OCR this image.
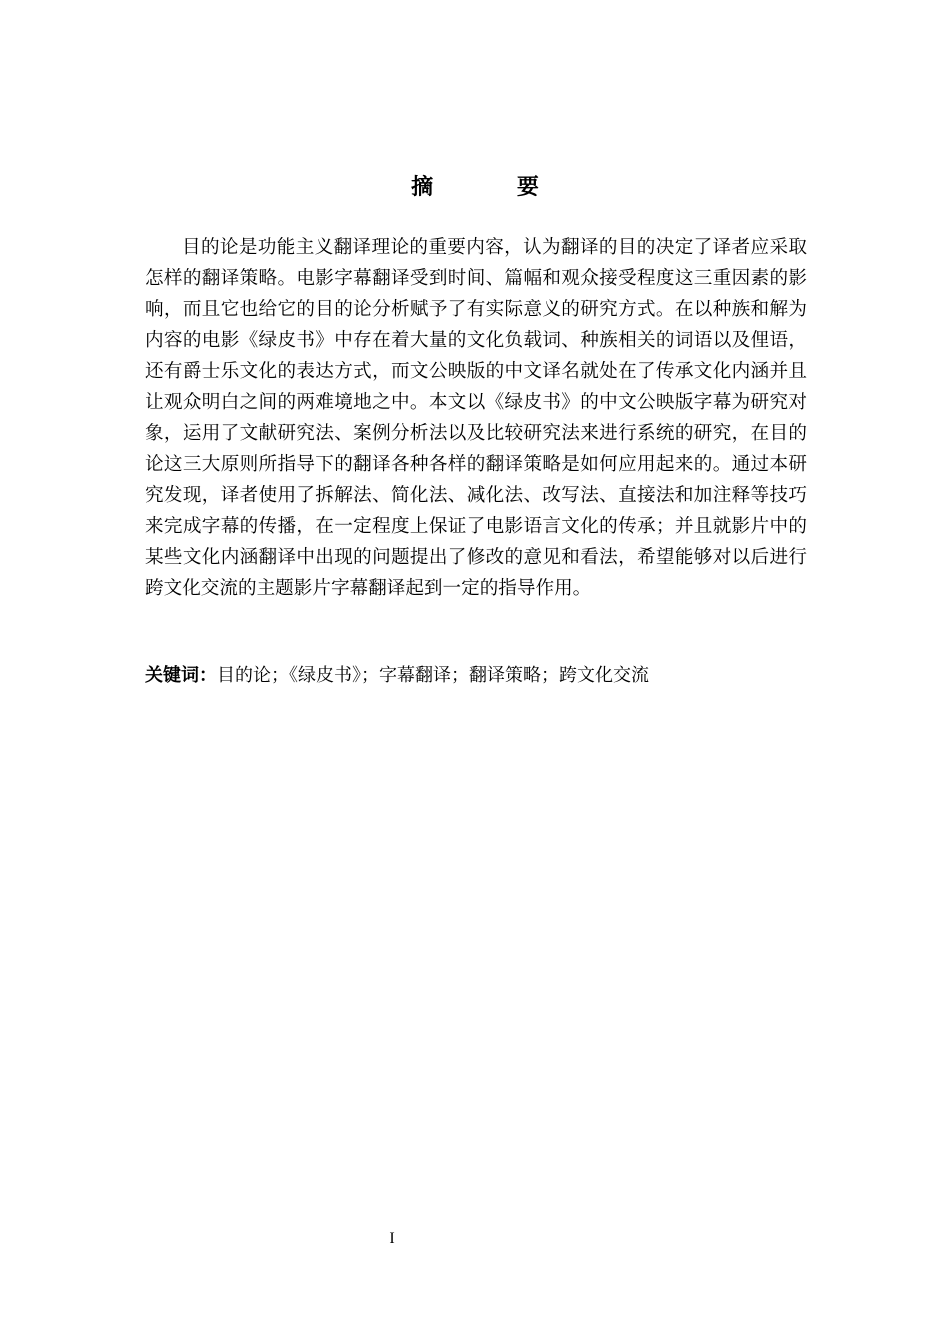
摘 要

目的论是功能主义翻译理论的重要内容，认为翻译的目的决定了译者应采取怎样的翻译策略。电影字幕翻译受到时间、篇幅和观众接受程度这三重因素的影响，而且它也给它的目的论分析赋予了有实际意义的研究方式。在以种族和解为内容的电影《绿皮书》中存在着大量的文化负载词、种族相关的词语以及俚语，还有爵士乐文化的表达方式，而文公映版的中文译名就处在了传承文化内涵并且让观众明白之间的两难境地之中。本文以《绿皮书》的中文公映版字幕为研究对象，运用了文献研究法、案例分析法以及比较研究法来进行系统的研究，在目的论这三大原则所指导下的翻译各种各样的翻译策略是如何应用起来的。通过本研究发现，译者使用了拆解法、简化法、减化法、改写法、直接法和加注释等技巧来完成字幕的传播，在一定程度上保证了电影语言文化的传承；并且就影片中的某些文化内涵翻译中出现的问题提出了修改的意见和看法，希望能够对以后进行跨文化交流的主题影片字幕翻译起到一定的指导作用。

关键词：目的论；《绿皮书》；字幕翻译；翻译策略；跨文化交流
I
